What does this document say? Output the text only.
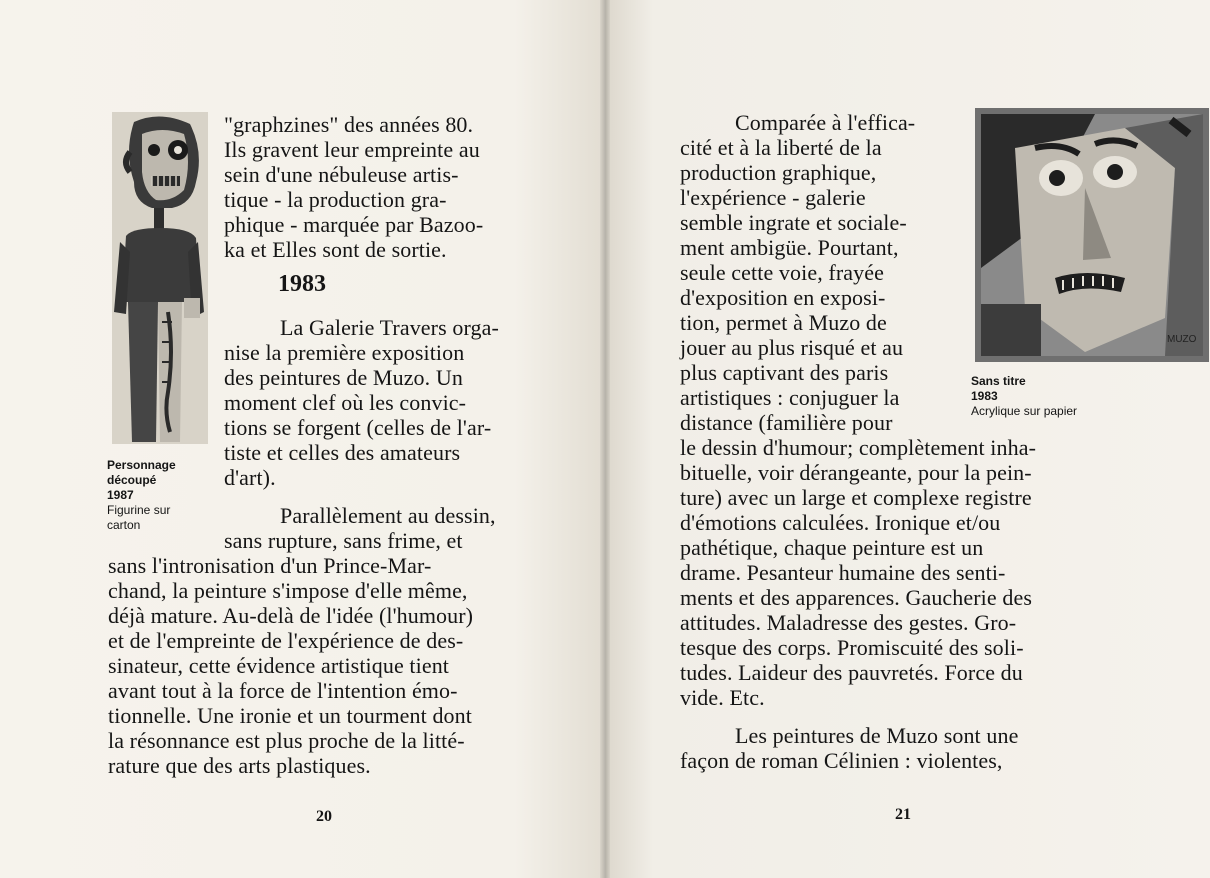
Personnage
découpé
1987
Figurine sur
carton
"graphzines" des années 80.
Ils gravent leur empreinte au
sein d'une nébuleuse artis-
tique - la production gra-
phique - marquée par Bazoo-
ka et Elles sont de sortie.
1983
La Galerie Travers orga-
nise la première exposition
des peintures de Muzo. Un
moment clef où les convic-
tions se forgent (celles de l'ar-
tiste et celles des amateurs
d'art).
Parallèlement au dessin,
sans rupture, sans frime, et
sans l'intronisation d'un Prince-Mar-
chand, la peinture s'impose d'elle même,
déjà mature. Au-delà de l'idée (l'humour)
et de l'empreinte de l'expérience de des-
sinateur, cette évidence artistique tient
avant tout à la force de l'intention émo-
tionnelle. Une ironie et un tourment dont
la résonnance est plus proche de la litté-
rature que des arts plastiques.
20
MUZO
Sans titre
1983
Acrylique sur papier
Comparée à l'effica-
cité et à la liberté de la
production graphique,
l'expérience - galerie
semble ingrate et sociale-
ment ambigüe. Pourtant,
seule cette voie, frayée
d'exposition en exposi-
tion, permet à Muzo de
jouer au plus risqué et au
plus captivant des paris
artistiques : conjuguer la
distance (familière pour
le dessin d'humour; complètement inha-
bituelle, voir dérangeante, pour la pein-
ture) avec un large et complexe registre
d'émotions calculées. Ironique et/ou
pathétique, chaque peinture est un
drame. Pesanteur humaine des senti-
ments et des apparences. Gaucherie des
attitudes. Maladresse des gestes. Gro-
tesque des corps. Promiscuité des soli-
tudes. Laideur des pauvretés. Force du
vide. Etc.
Les peintures de Muzo sont une
façon de roman Célinien : violentes,
21
